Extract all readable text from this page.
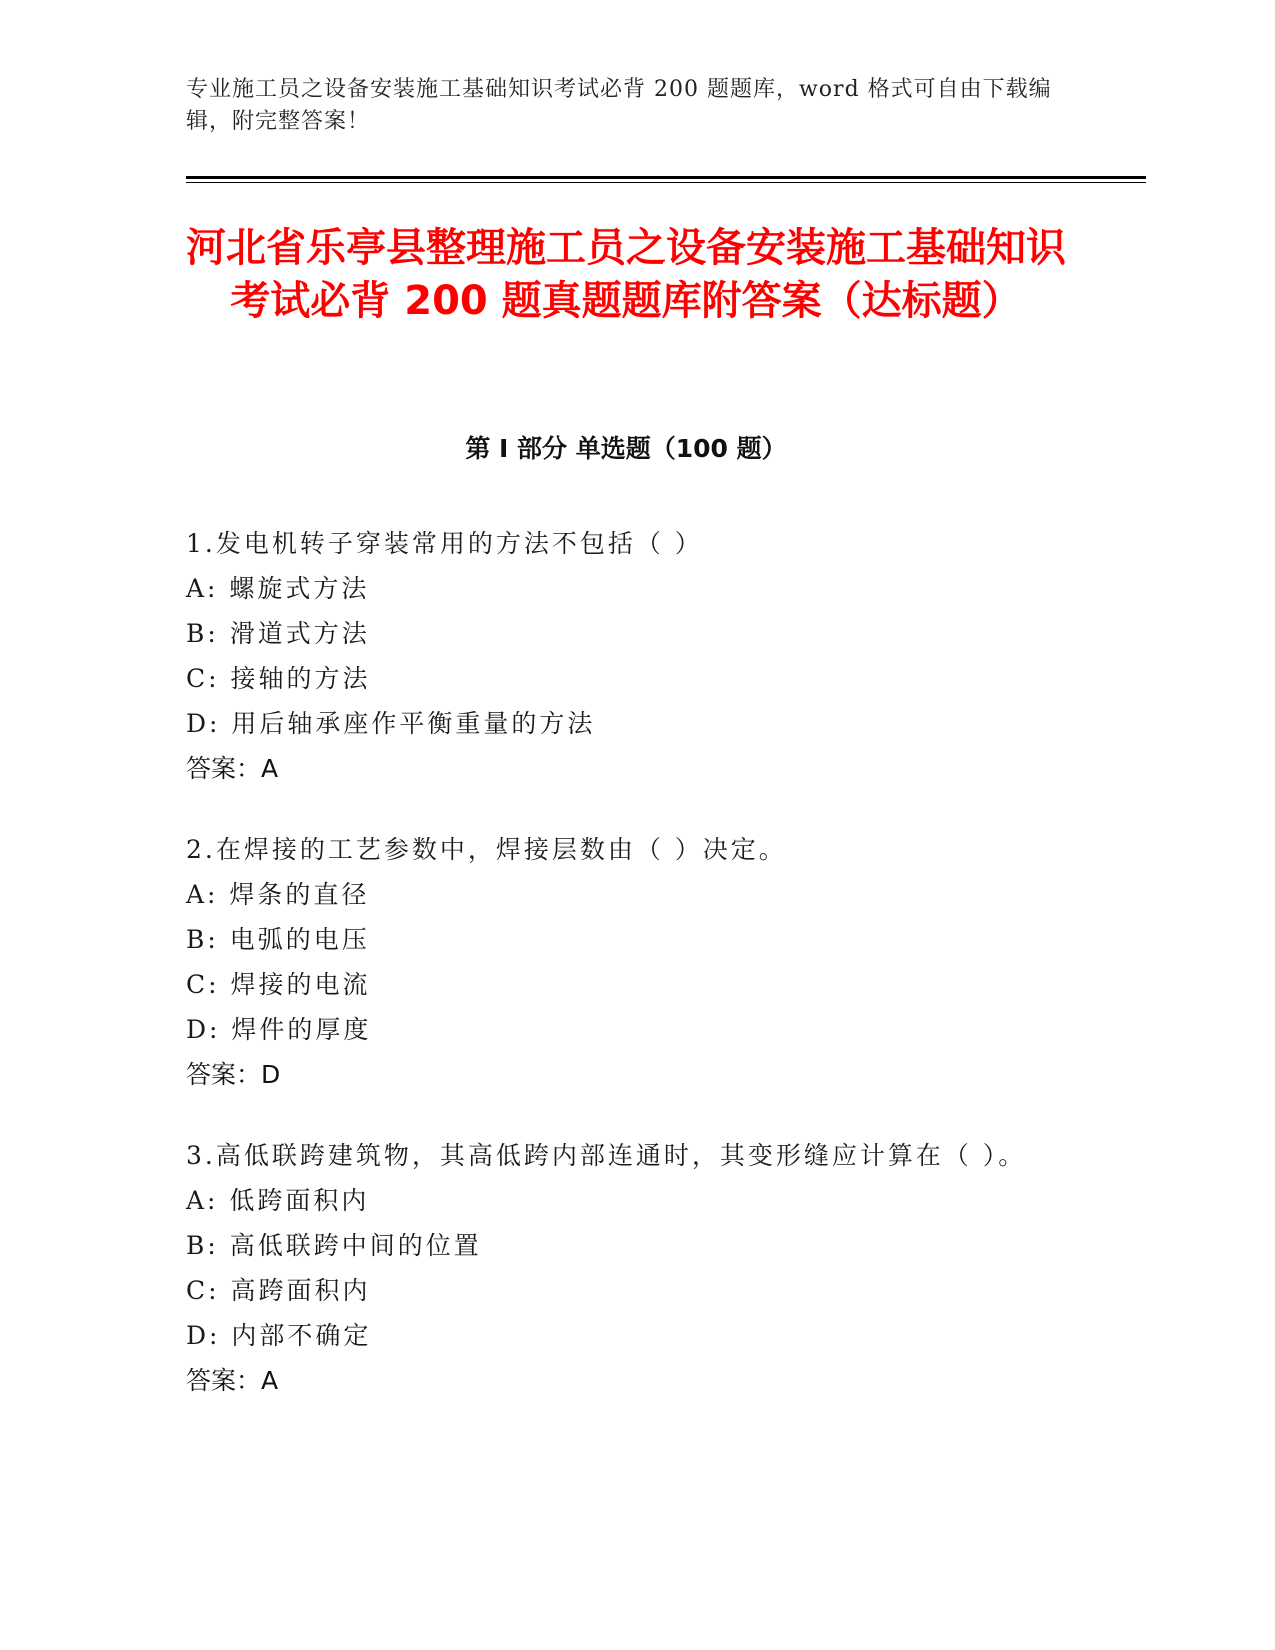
专业施工员之设备安装施工基础知识考试必背 200 题题库，word 格式可自由下载编辑，附完整答案！
河北省乐亭县整理施工员之设备安装施工基础知识考试必背 200 题真题题库附答案（达标题）
第 I 部分 单选题（100 题）
1.发电机转子穿装常用的方法不包括（ ）
A: 螺旋式方法
B: 滑道式方法
C: 接轴的方法
D: 用后轴承座作平衡重量的方法
答案：A
2.在焊接的工艺参数中，焊接层数由（ ）决定。
A: 焊条的直径
B: 电弧的电压
C: 焊接的电流
D: 焊件的厚度
答案：D
3.高低联跨建筑物，其高低跨内部连通时，其变形缝应计算在（ ）。
A: 低跨面积内
B: 高低联跨中间的位置
C: 高跨面积内
D: 内部不确定
答案：A
